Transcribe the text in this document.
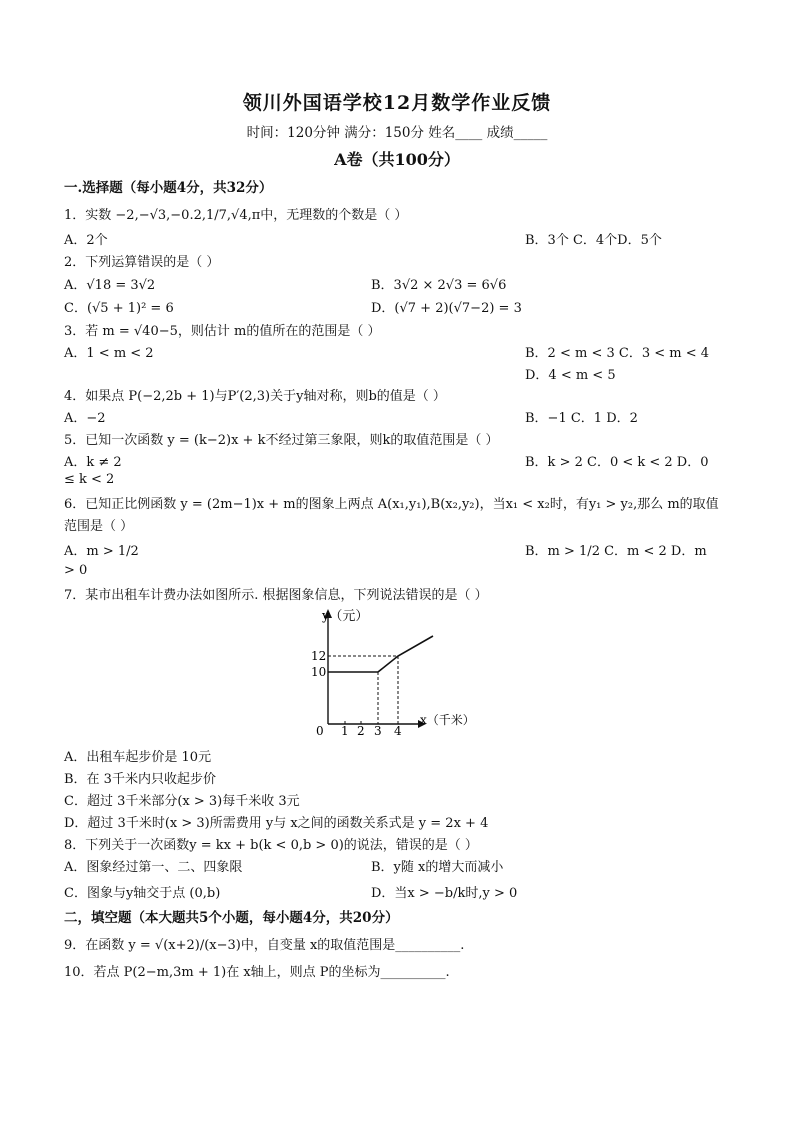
领川外国语学校12月数学作业反馈
时间：120分钟 满分：150分 姓名____ 成绩_____
A卷（共100分）
一.选择题（每小题4分，共32分）
1．实数 −2,−√3,−0.2,1/7,√4,π中，无理数的个数是（ ）
A．2个	B．3个 C．4个D．5个
2．下列运算错误的是（ ）
A．√18 = 3√2	B．3√2 × 2√3 = 6√6
C．(√5 + 1)² = 6	D．(√7 + 2)(√7−2) = 3
3．若 m = √40−5，则估计 m的值所在的范围是（ ）
A．1 < m < 2	B．2 < m < 3 C．3 < m < 4
D．4 < m < 5
4．如果点 P(−2,2b + 1)与P′(2,3)关于y轴对称，则b的值是（ ）
A．−2	B．−1 C．1 D．2
5．已知一次函数 y = (k−2)x + k不经过第三象限，则k的取值范围是（ ）
A．k ≠ 2	B．k > 2 C．0 < k < 2 D．0
≤ k < 2
6．已知正比例函数 y = (2m−1)x + m的图象上两点 A(x₁,y₁),B(x₂,y₂)，当x₁ < x₂时，有y₁ > y₂,那么 m的取值
范围是（ ）
A．m > 1/2	B．m > 1/2 C．m < 2 D．m
> 0
7．某市出租车计费办法如图所示. 根据图象信息，下列说法错误的是（ ）
y（元）
12
10
0 1 2 3 4
x（千米）
A．出租车起步价是 10元
B．在 3千米内只收起步价
C．超过 3千米部分(x > 3)每千米收 3元
D．超过 3千米时(x > 3)所需费用 y与 x之间的函数关系式是 y = 2x + 4
8．下列关于一次函数y = kx + b(k < 0,b > 0)的说法，错误的是（ ）
A．图象经过第一、二、四象限	B．y随 x的增大而减小
C．图象与y轴交于点 (0,b)	D．当x > −b/k时,y > 0
二，填空题（本大题共5个小题，每小题4分，共20分）
9．在函数 y = √(x+2)/(x−3)中，自变量 x的取值范围是__________.
10．若点 P(2−m,3m + 1)在 x轴上，则点 P的坐标为__________.
